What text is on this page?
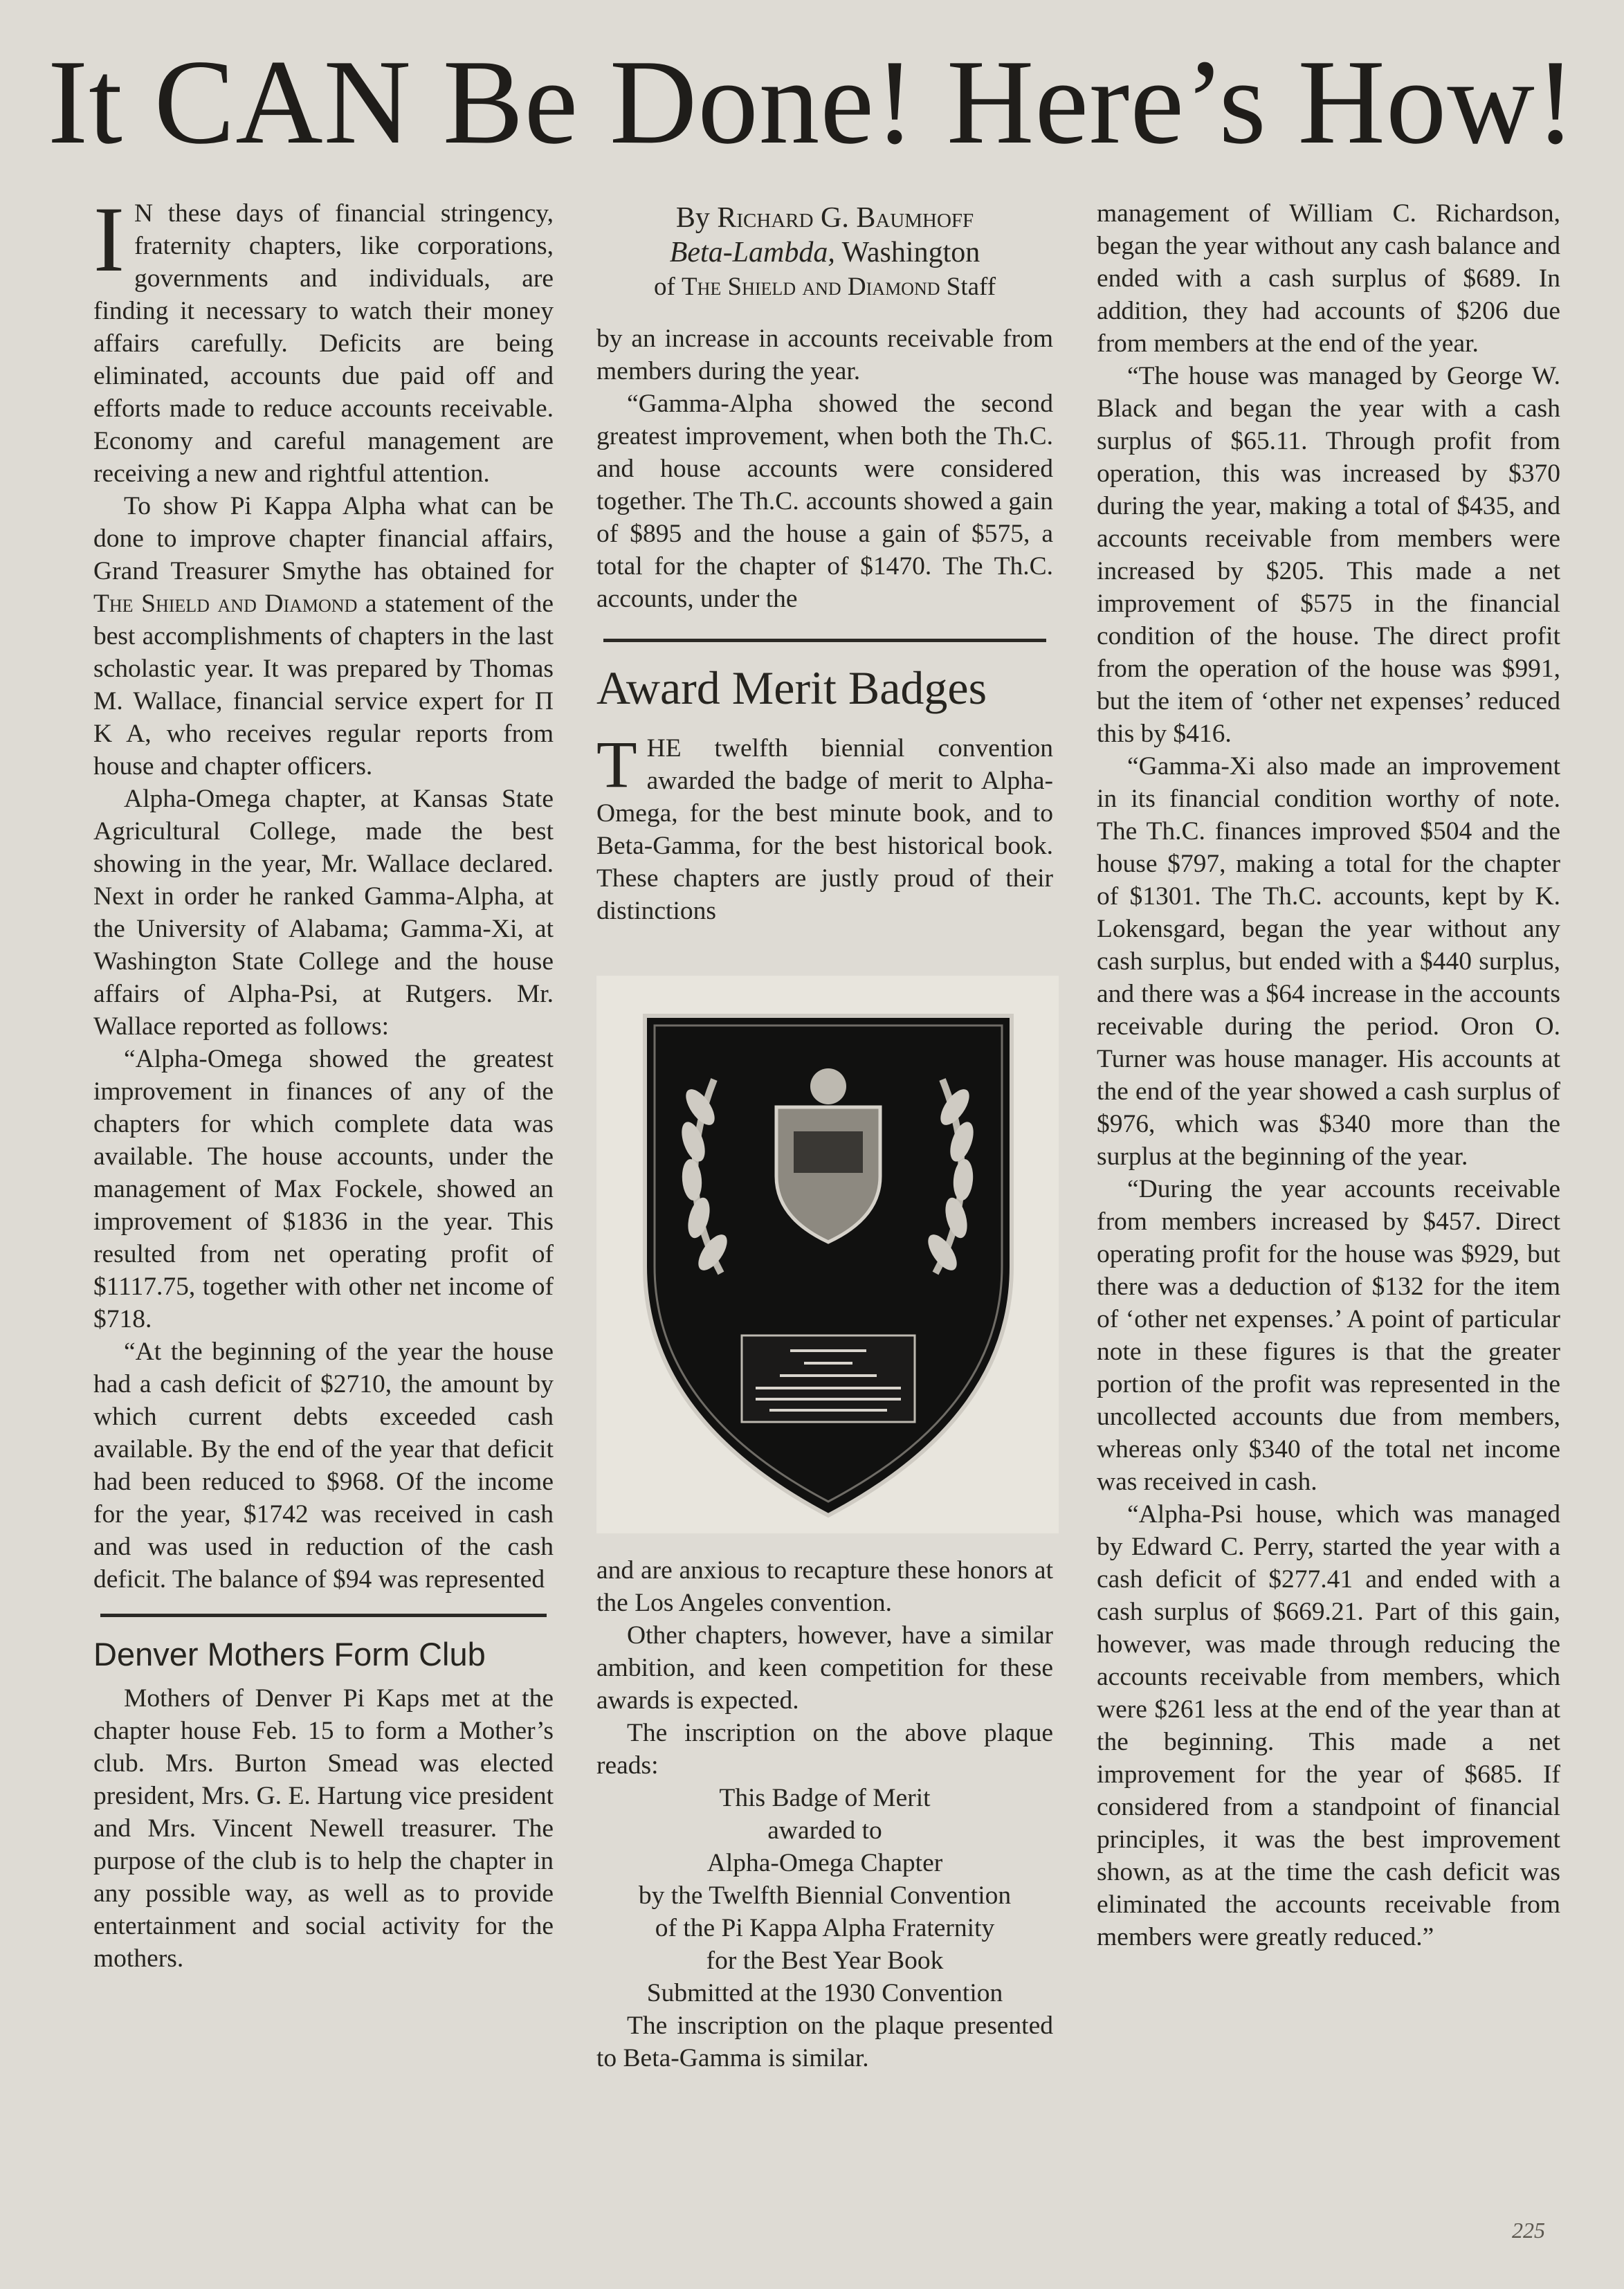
It CAN Be Done! Here’s How!

I N these days of financial stringency, fraternity chapters, like corporations, governments and individuals, are finding it necessary to watch their money affairs carefully. Deficits are being eliminated, accounts due paid off and efforts made to reduce accounts receivable. Economy and careful management are receiving a new and rightful attention.

To show Pi Kappa Alpha what can be done to improve chapter financial affairs, Grand Treasurer Smythe has obtained for The Shield and Diamond a statement of the best accomplishments of chapters in the last scholastic year. It was prepared by Thomas M. Wallace, financial service expert for Π K A, who receives regular reports from house and chapter officers.

Alpha-Omega chapter, at Kansas State Agricultural College, made the best showing in the year, Mr. Wallace declared. Next in order he ranked Gamma-Alpha, at the University of Alabama; Gamma-Xi, at Washington State College and the house affairs of Alpha-Psi, at Rutgers. Mr. Wallace reported as follows:

“Alpha-Omega showed the greatest improvement in finances of any of the chapters for which complete data was available. The house accounts, under the management of Max Fockele, showed an improvement of $1836 in the year. This resulted from net operating profit of $1117.75, together with other net income of $718.

“At the beginning of the year the house had a cash deficit of $2710, the amount by which current debts exceeded cash available. By the end of the year that deficit had been reduced to $968. Of the income for the year, $1742 was received in cash and was used in reduction of the cash deficit. The balance of $94 was represented

Denver Mothers Form Club

Mothers of Denver Pi Kaps met at the chapter house Feb. 15 to form a Mother’s club. Mrs. Burton Smead was elected president, Mrs. G. E. Hartung vice president and Mrs. Vincent Newell treasurer. The purpose of the club is to help the chapter in any possible way, as well as to provide entertainment and social activity for the mothers.

By Richard G. Baumhoff
Beta-Lambda, Washington
of The Shield and Diamond Staff

by an increase in accounts receivable from members during the year.

“Gamma-Alpha showed the second greatest improvement, when both the Th.C. and house accounts were considered together. The Th.C. accounts showed a gain of $895 and the house a gain of $575, a total for the chapter of $1470. The Th.C. accounts, under the

Award Merit Badges

THE twelfth biennial convention awarded the badge of merit to Alpha-Omega, for the best minute book, and to Beta-Gamma, for the best historical book. These chapters are justly proud of their distinctions

and are anxious to recapture these honors at the Los Angeles convention.

Other chapters, however, have a similar ambition, and keen competition for these awards is expected.

The inscription on the above plaque reads:

This Badge of Merit

awarded to

Alpha-Omega Chapter

by the Twelfth Biennial Convention

of the Pi Kappa Alpha Fraternity

for the Best Year Book

Submitted at the 1930 Convention

The inscription on the plaque presented to Beta-Gamma is similar.

management of William C. Richardson, began the year without any cash balance and ended with a cash surplus of $689. In addition, they had accounts of $206 due from members at the end of the year.

“The house was managed by George W. Black and began the year with a cash surplus of $65.11. Through profit from operation, this was increased by $370 during the year, making a total of $435, and accounts receivable from members were increased by $205. This made a net improvement of $575 in the financial condition of the house. The direct profit from the operation of the house was $991, but the item of ‘other net expenses’ reduced this by $416.

“Gamma-Xi also made an improvement in its financial condition worthy of note. The Th.C. finances improved $504 and the house $797, making a total for the chapter of $1301. The Th.C. accounts, kept by K. Lokensgard, began the year without any cash surplus, but ended with a $440 surplus, and there was a $64 increase in the accounts receivable during the period. Oron O. Turner was house manager. His accounts at the end of the year showed a cash surplus of $976, which was $340 more than the surplus at the beginning of the year.

“During the year accounts receivable from members increased by $457. Direct operating profit for the house was $929, but there was a deduction of $132 for the item of ‘other net expenses.’ A point of particular note in these figures is that the greater portion of the profit was represented in the uncollected accounts due from members, whereas only $340 of the total net income was received in cash.

“Alpha-Psi house, which was managed by Edward C. Perry, started the year with a cash deficit of $277.41 and ended with a cash surplus of $669.21. Part of this gain, however, was made through reducing the accounts receivable from members, which were $261 less at the end of the year than at the beginning. This made a net improvement for the year of $685. If considered from a standpoint of financial principles, it was the best improvement shown, as at the time the cash deficit was eliminated the accounts receivable from members were greatly reduced.”

225
